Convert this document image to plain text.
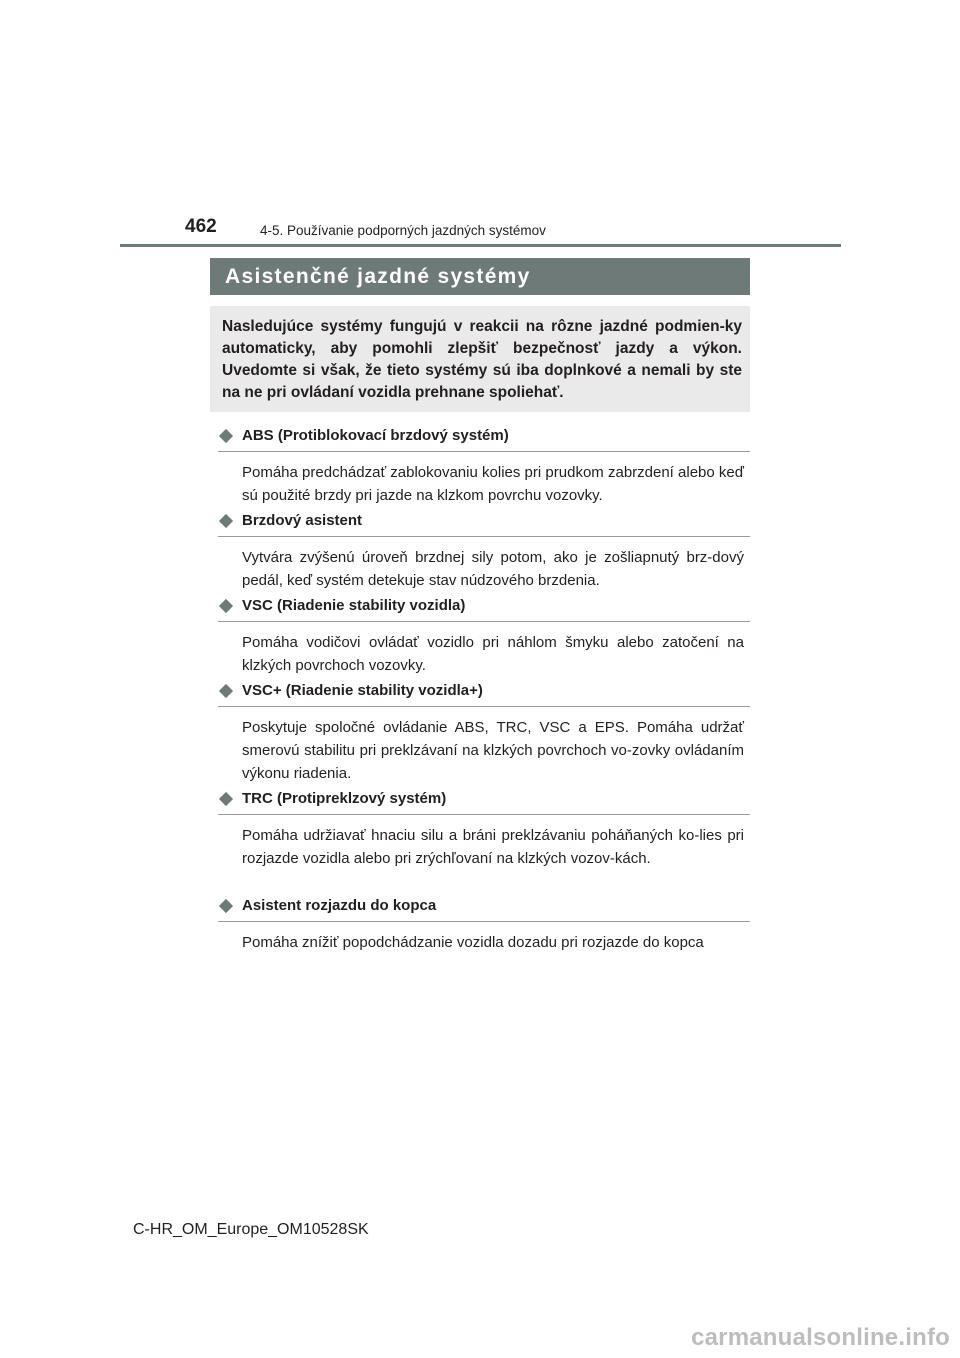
462	4-5. Používanie podporných jazdných systémov
Asistenčné jazdné systémy

Nasledujúce systémy fungujú v reakcii na rôzne jazdné podmien-ky automaticky, aby pomohli zlepšiť bezpečnosť jazdy a výkon. Uvedomte si však, že tieto systémy sú iba doplnkové a nemali by ste na ne pri ovládaní vozidla prehnane spoliehať.

ABS (Protiblokovací brzdový systém)

Pomáha predchádzať zablokovaniu kolies pri prudkom zabrzdení alebo keď sú použité brzdy pri jazde na klzkom povrchu vozovky.

Brzdový asistent

Vytvára zvýšenú úroveň brzdnej sily potom, ako je zošliapnutý brz-dový pedál, keď systém detekuje stav núdzového brzdenia.

VSC (Riadenie stability vozidla)

Pomáha vodičovi ovládať vozidlo pri náhlom šmyku alebo zatočení na klzkých povrchoch vozovky.

VSC+ (Riadenie stability vozidla+)

Poskytuje spoločné ovládanie ABS, TRC, VSC a EPS. Pomáha udržať smerovú stabilitu pri preklzávaní na klzkých povrchoch vo-zovky ovládaním výkonu riadenia.

TRC (Protipreklzový systém)

Pomáha udržiavať hnaciu silu a bráni preklzávaniu poháňaných ko-lies pri rozjazde vozidla alebo pri zrýchľovaní na klzkých vozov-kách.

Asistent rozjazdu do kopca

Pomáha znížiť popodchádzanie vozidla dozadu pri rozjazde do kopca

C-HR_OM_Europe_OM10528SK
carmanualsonline.info
